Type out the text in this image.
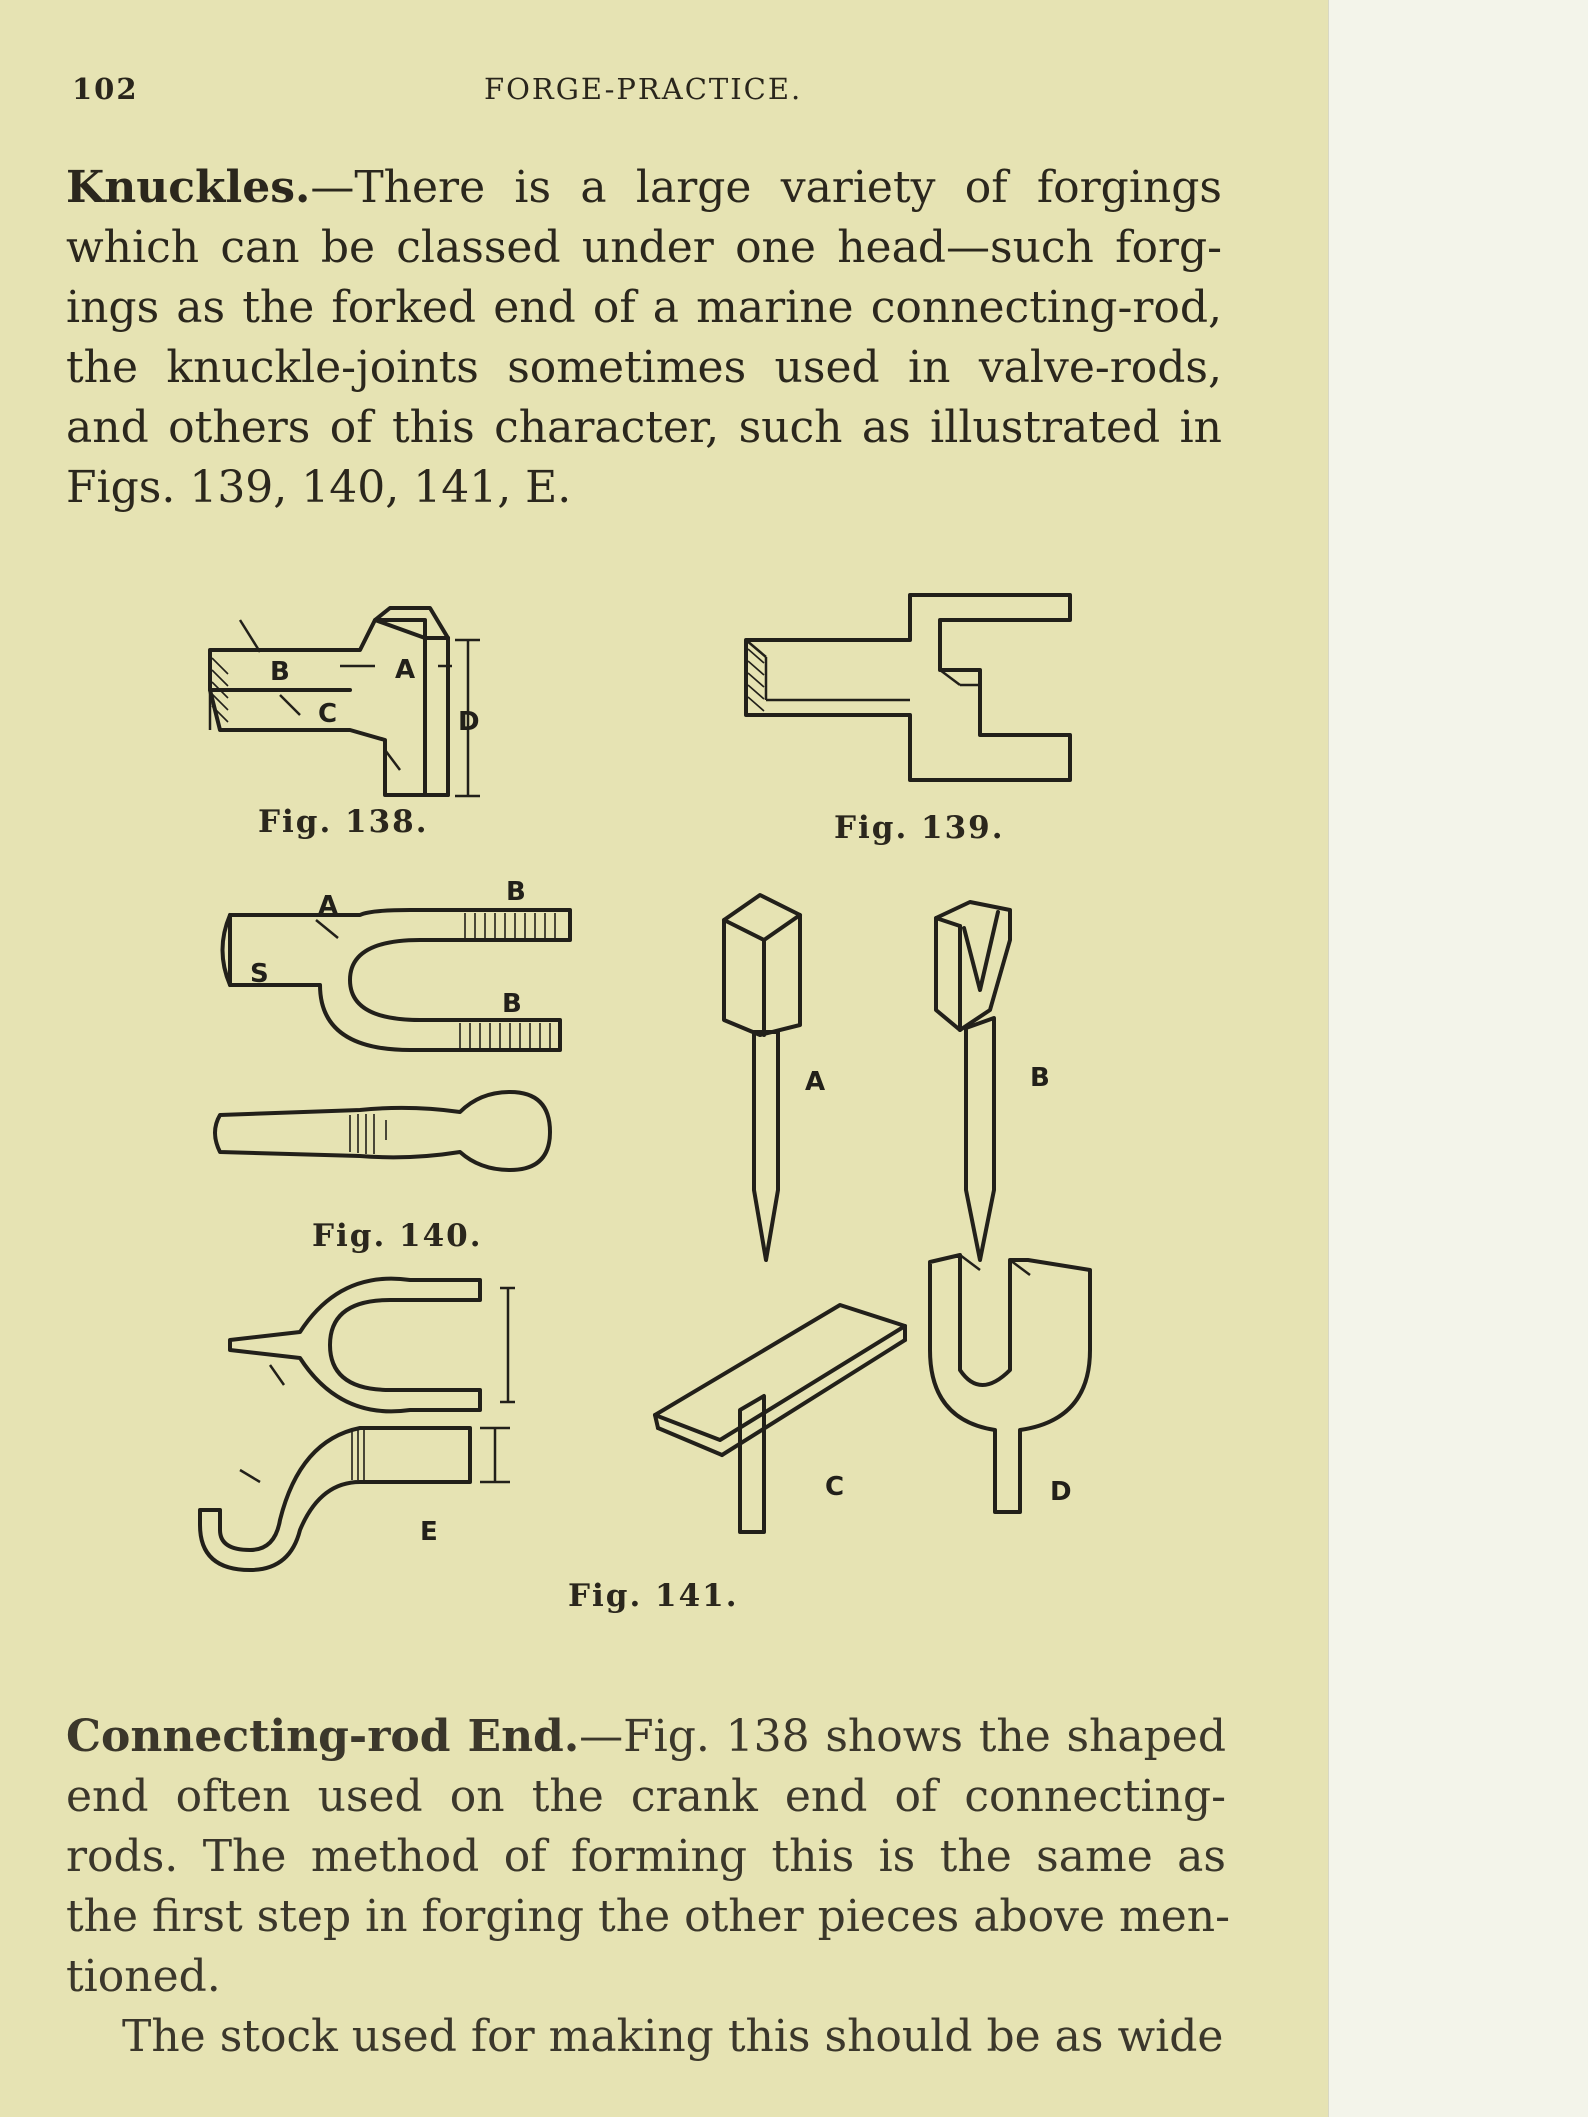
102	FORGE-PRACTICE.
Knuckles.—There is a large variety of forgings
which can be classed under one head—such forg-
ings as the forked end of a marine connecting-rod,
the knuckle-joints sometimes used in valve-rods,
and others of this character, such as illustrated in
Figs. 139, 140, 141, E.
B	A
C	D
Fig. 138.	Fig. 139.
S
A	B
B
Fig. 140.
E
A	B
C	D
Fig. 141.
Connecting-rod End.—Fig. 138 shows the shaped
end often used on the crank end of connecting-
rods. The method of forming this is the same as
the first step in forging the other pieces above men-
tioned.
The stock used for making this should be as wide
